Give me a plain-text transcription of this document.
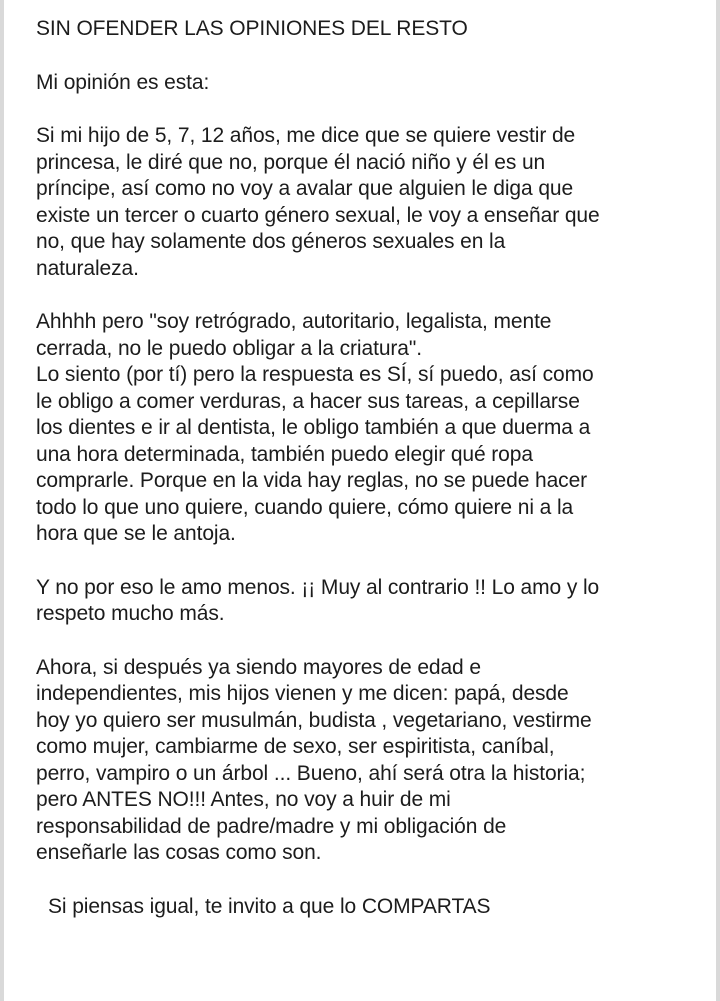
SIN OFENDER LAS OPINIONES DEL RESTO

Mi opinión es esta:

Si mi hijo de 5, 7, 12 años, me dice que se quiere vestir de
princesa, le diré que no, porque él nació niño y él es un
príncipe, así como no voy a avalar que alguien le diga que
existe un tercer o cuarto género sexual, le voy a enseñar que
no, que hay solamente dos géneros sexuales en la
naturaleza.

Ahhhh pero "soy retrógrado, autoritario, legalista, mente
cerrada, no le puedo obligar a la criatura".
Lo siento (por tí) pero la respuesta es SÍ, sí puedo, así como
le obligo a comer verduras, a hacer sus tareas, a cepillarse
los dientes e ir al dentista, le obligo también a que duerma a
una hora determinada, también puedo elegir qué ropa
comprarle. Porque en la vida hay reglas, no se puede hacer
todo lo que uno quiere, cuando quiere, cómo quiere ni a la
hora que se le antoja.

Y no por eso le amo menos. ¡¡ Muy al contrario !! Lo amo y lo
respeto mucho más.

Ahora, si después ya siendo mayores de edad e
independientes, mis hijos vienen y me dicen: papá, desde
hoy yo quiero ser musulmán, budista , vegetariano, vestirme
como mujer, cambiarme de sexo, ser espiritista, caníbal,
perro, vampiro o un árbol ... Bueno, ahí será otra la historia;
pero ANTES NO!!! Antes, no voy a huir de mi
responsabilidad de padre/madre y mi obligación de
enseñarle las cosas como son.

Si piensas igual, te invito a que lo COMPARTAS
